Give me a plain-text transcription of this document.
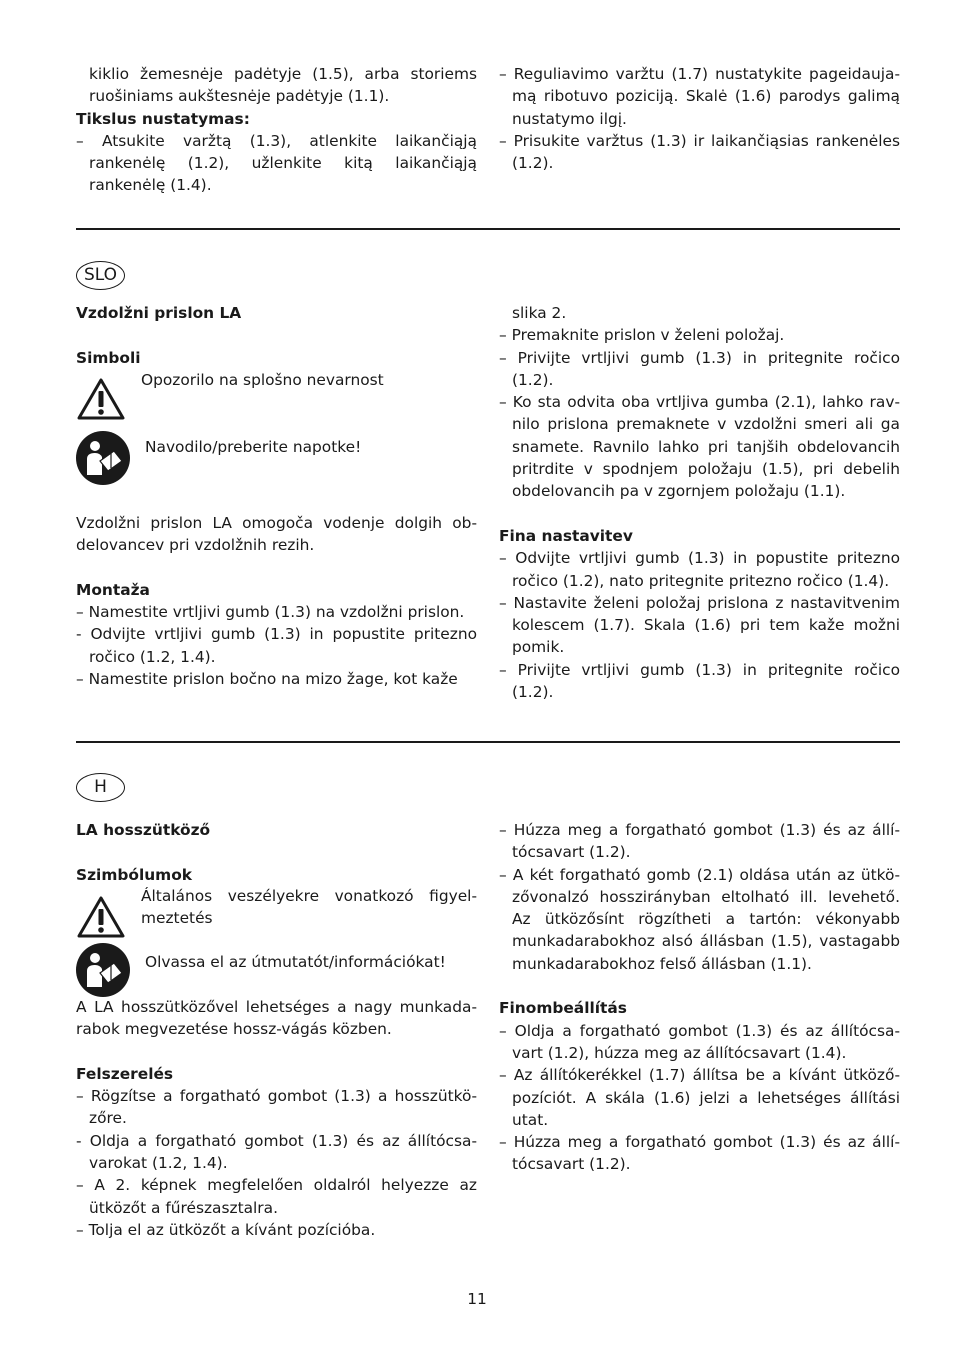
kiklio žemesnėje padėtyje (1.5), arba storiems ruošiniams aukštesnėje padėtyje (1.1).

Tikslus nustatymas:

– Atsukite varžtą (1.3), atlenkite laikančiąją rankenėlę (1.2), užlenkite kitą laikančiąją rankenėlę (1.4).

– Reguliavimo varžtu (1.7) nustatykite pageidaujamą ribotuvo poziciją. Skalė (1.6) parodys galimą nustatymo ilgį.

– Prisukite varžtus (1.3) ir laikančiąsias rankenėles (1.2).

SLO

Vzdolžni prislon LA

Simboli

Opozorilo na splošno nevarnost
Navodilo/preberite napotke!

Vzdolžni prislon LA omogoča vodenje dolgih obdelovancev pri vzdolžnih rezih.

Montaža

– Namestite vrtljivi gumb (1.3) na vzdolžni prislon.

- Odvijte vrtljivi gumb (1.3) in popustite pritezno ročico (1.2, 1.4).

– Namestite prislon bočno na mizo žage, kot kaže

slika 2.

– Premaknite prislon v želeni položaj.

– Privijte vrtljivi gumb (1.3) in pritegnite ročico (1.2).

– Ko sta odvita oba vrtljiva gumba (2.1), lahko ravnilo prislona premaknete v vzdolžni smeri ali ga snamete. Ravnilo lahko pri tanjših obdelovancih pritrdite v spodnjem položaju (1.5), pri debelih obdelovancih pa v zgornjem položaju (1.1).

Fina nastavitev

– Odvijte vrtljivi gumb (1.3) in popustite pritezno ročico (1.2), nato pritegnite pritezno ročico (1.4).

– Nastavite želeni položaj prislona z nastavitvenim kolescem (1.7). Skala (1.6) pri tem kaže možni pomik.

– Privijte vrtljivi gumb (1.3) in pritegnite ročico (1.2).

H

LA hosszütköző

Szimbólumok

Általános veszélyekre vonatkozó figyelmeztetés
Olvassa el az útmutatót/információkat!

A LA hosszütközővel lehetséges a nagy munkadarabok megvezetése hossz-vágás közben.

Felszerelés

– Rögzítse a forgatható gombot (1.3) a hosszütközőre.

- Oldja a forgatható gombot (1.3) és az állítócsavarokat (1.2, 1.4).

– A 2. képnek megfelelően oldalról helyezze az ütközőt a fűrészasztalra.

– Tolja el az ütközőt a kívánt pozícióba.

– Húzza meg a forgatható gombot (1.3) és az állítócsavart (1.2).

– A két forgatható gomb (2.1) oldása után az ütközővonalzó hosszirányban eltolható ill. levehető. Az ütközősínt rögzítheti a tartón: vékonyabb munkadarabokhoz alsó állásban (1.5), vastagabb munkadarabokhoz felső állásban (1.1).

Finombeállítás

– Oldja a forgatható gombot (1.3) és az állítócsavart (1.2), húzza meg az állítócsavart (1.4).

– Az állítókerékkel (1.7) állítsa be a kívánt ütközőpozíciót. A skála (1.6) jelzi a lehetséges állítási utat.

– Húzza meg a forgatható gombot (1.3) és az állítócsavart (1.2).

11
